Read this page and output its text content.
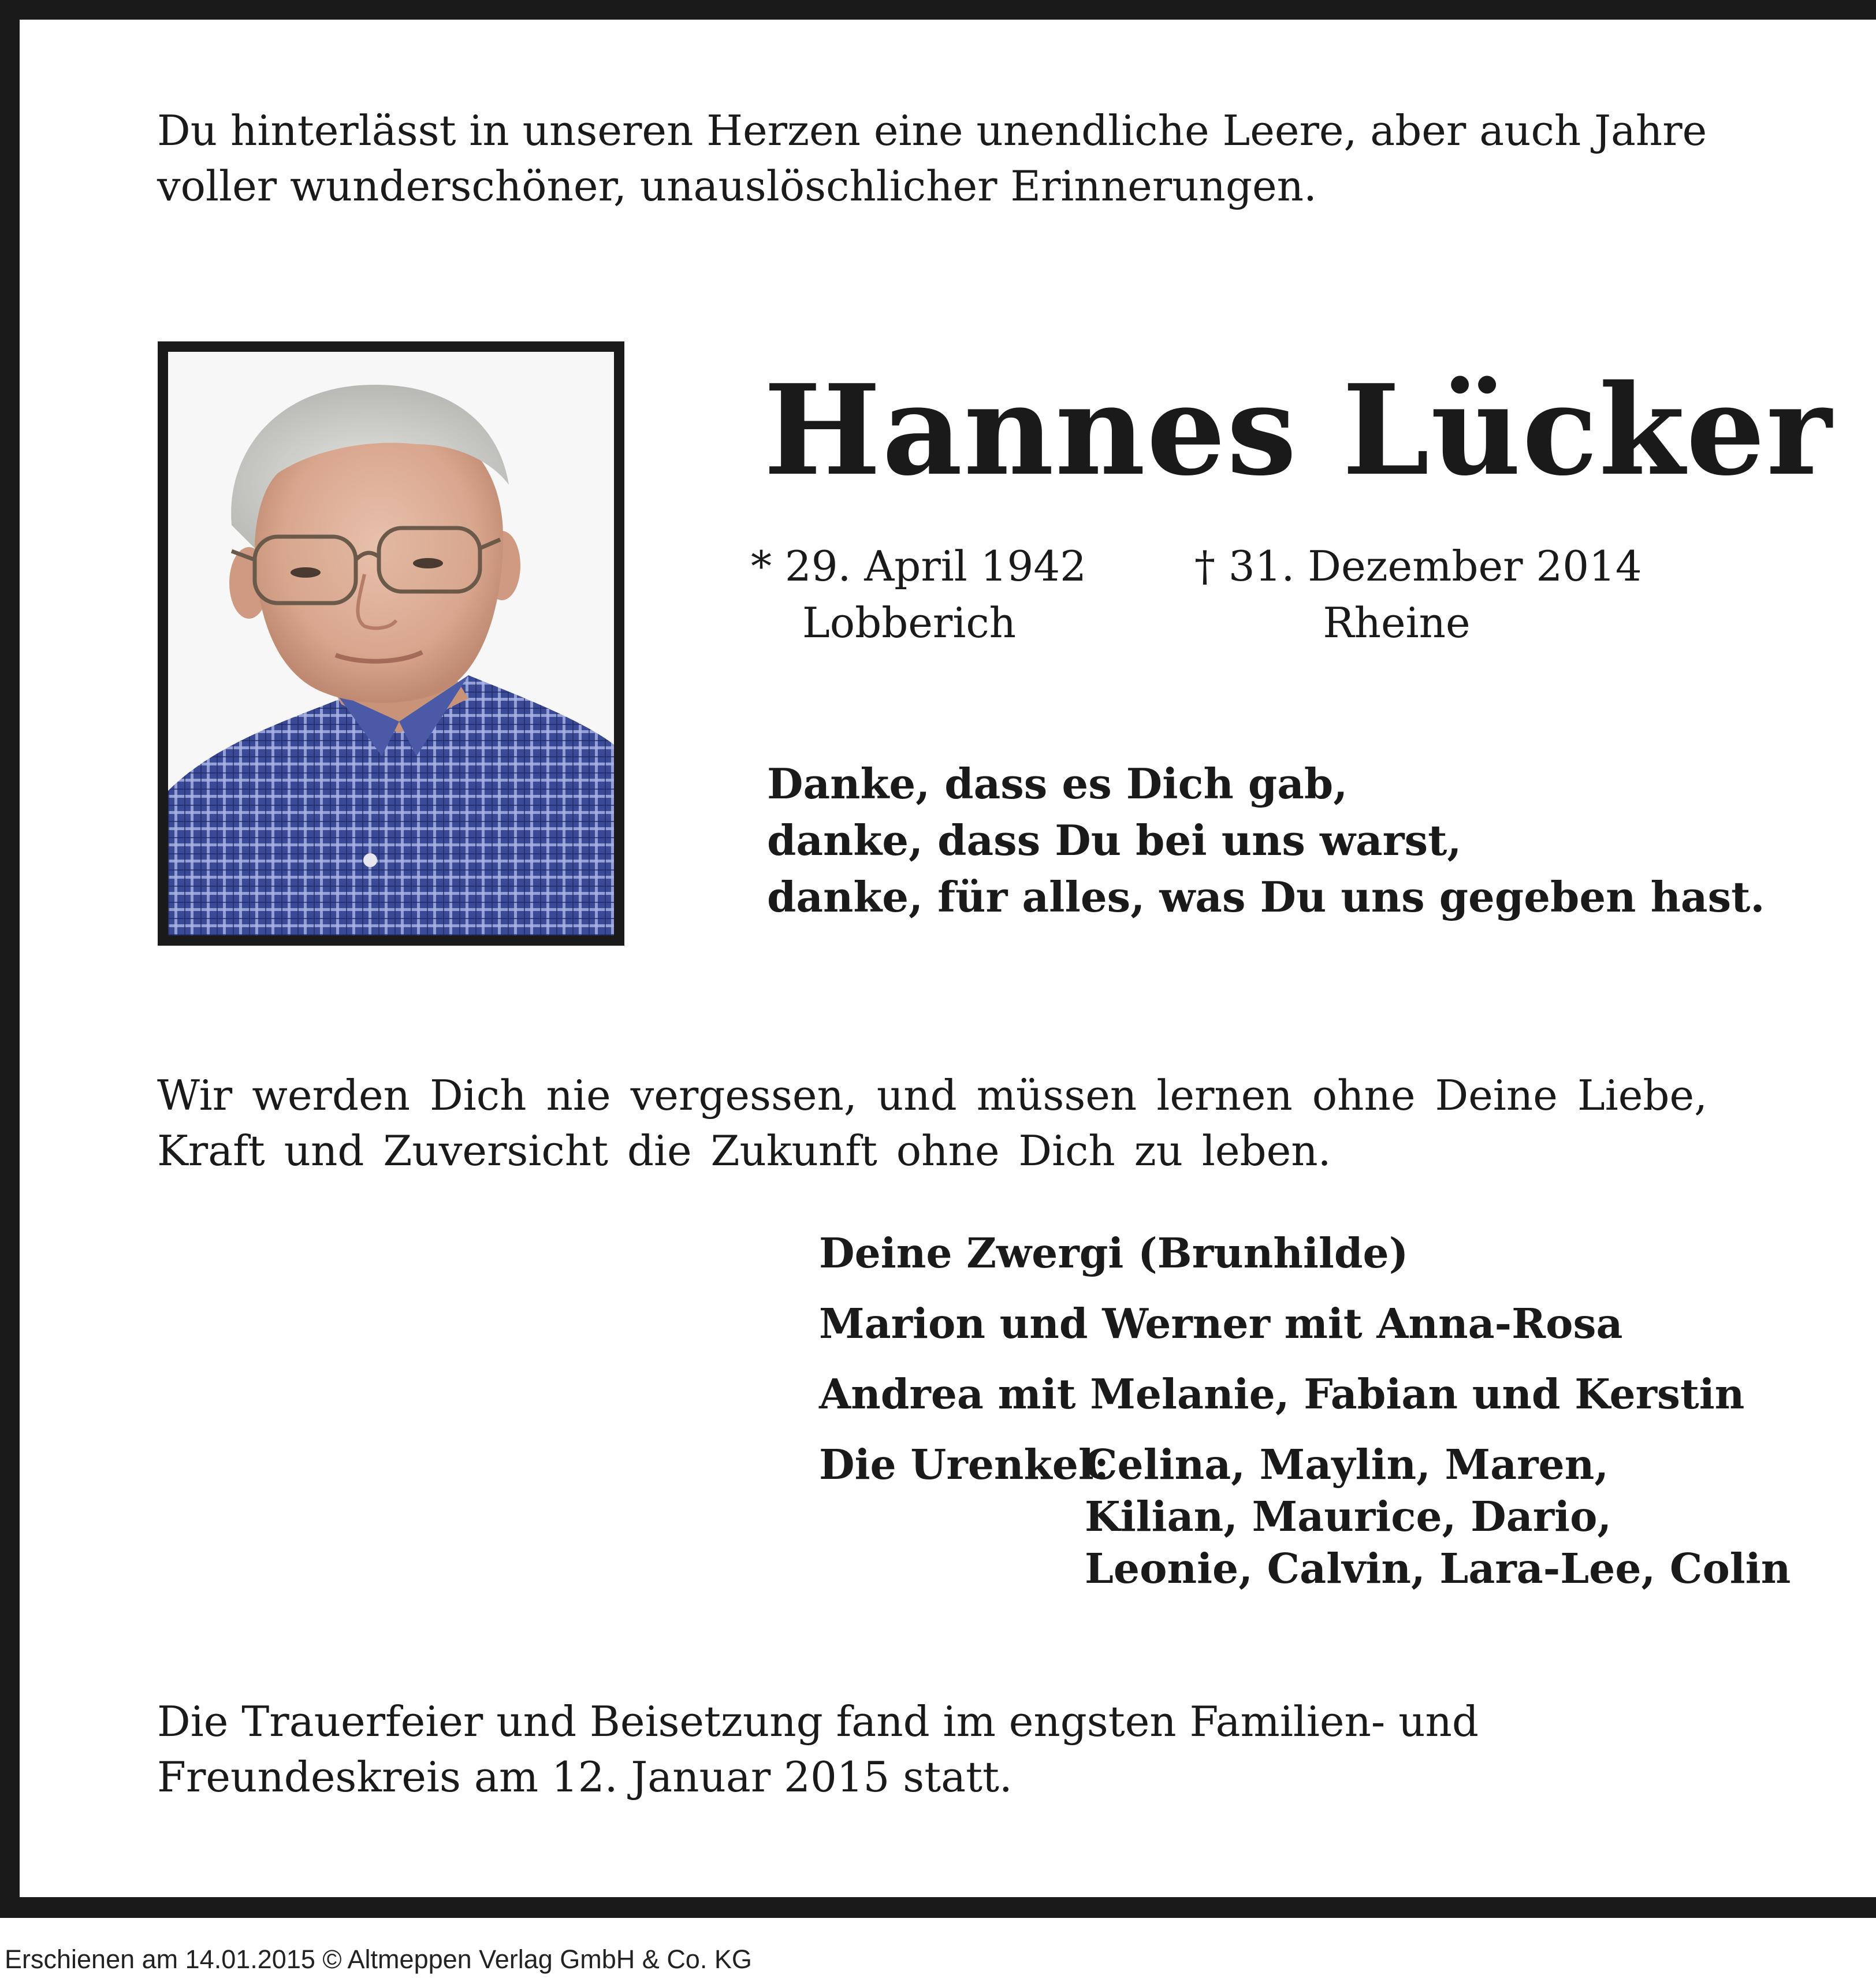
Du hinterlässt in unseren Herzen eine unendliche Leere, aber auch Jahre voller wunderschöner, unauslöschlicher Erinnerungen.

Hannes Lücker
* 29. April 1942	† 31. Dezember 2014
Lobberich	Rheine
Danke, dass es Dich gab,
danke, dass Du bei uns warst,
danke, für alles, was Du uns gegeben hast.

Wir werden Dich nie vergessen, und müssen lernen ohne Deine Liebe, Kraft und Zuversicht die Zukunft ohne Dich zu leben.

Deine Zwergi (Brunhilde)
Marion und Werner mit Anna-Rosa
Andrea mit Melanie, Fabian und Kerstin
Die Urenkel:
Celina, Maylin, Maren,
Kilian, Maurice, Dario,
Leonie, Calvin, Lara-Lee, Colin

Die Trauerfeier und Beisetzung fand im engsten Familien- und Freundeskreis am 12. Januar 2015 statt.

Erschienen am 14.01.2015 © Altmeppen Verlag GmbH & Co. KG
